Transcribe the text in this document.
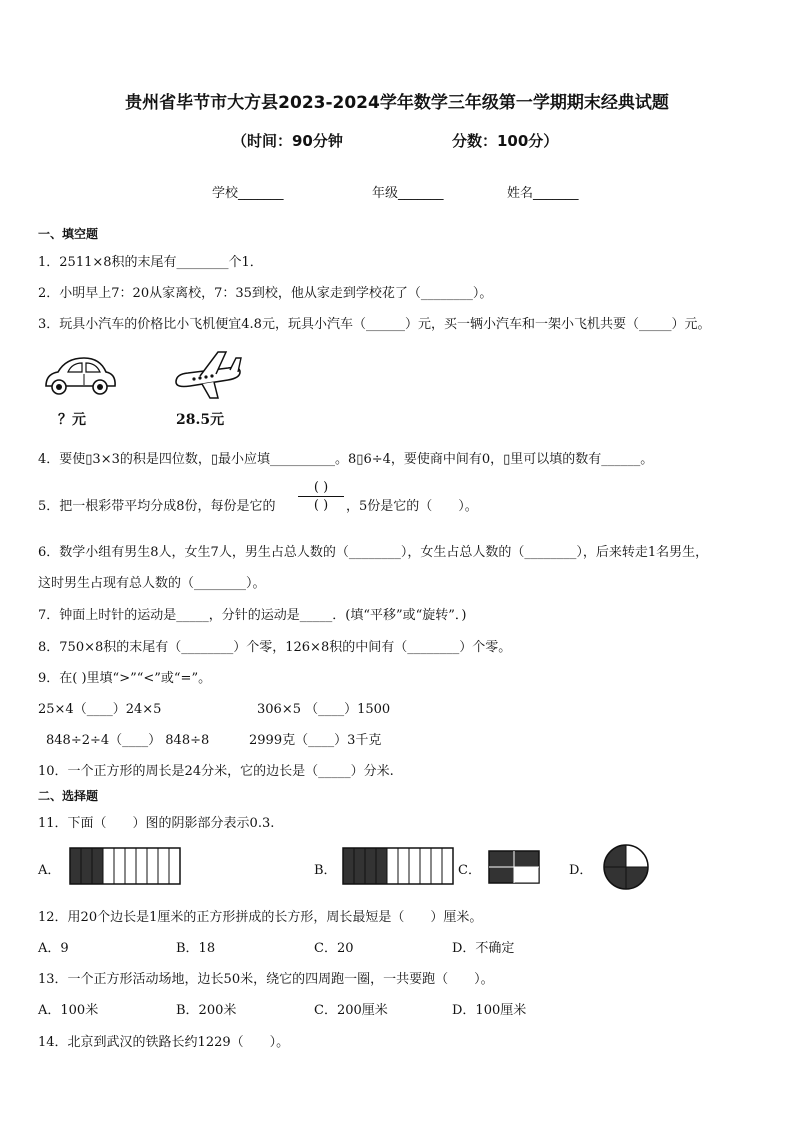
贵州省毕节市大方县2023-2024学年数学三年级第一学期期末经典试题
（时间：90分钟	分数：100分）
学校_______	年级_______	姓名_______
一、填空题
1．2511×8积的末尾有________个1．
2．小明早上7：20从家离校，7：35到校，他从家走到学校花了（________）。
3．玩具小汽车的价格比小飞机便宜4.8元，玩具小汽车（______）元，买一辆小汽车和一架小飞机共要（_____）元。
？元	28.5元
4．要使▯3×3的积是四位数，▯最小应填__________。8▯6÷4，要使商中间有0，▯里可以填的数有______。
5．把一根彩带平均分成8份，每份是它的
( )
( )	，5份是它的（　　）。
6．数学小组有男生8人，女生7人，男生占总人数的（________），女生占总人数的（________），后来转走1名男生，
这时男生占现有总人数的（________）。
7．钟面上时针的运动是_____，分针的运动是_____．(填“平移”或“旋转”．)
8．750×8积的末尾有（________）个零，126×8积的中间有（________）个零。
9．在( )里填“>”“<”或“=”。
25×4（____）24×5	306×5 （____）1500
848÷2÷4（____） 848÷8	2999克（____）3千克
10．一个正方形的周长是24分米，它的边长是（_____）分米.
二、选择题
11．下面（　　）图的阴影部分表示0.3.
A．	B．	C．	D．
12．用20个边长是1厘米的正方形拼成的长方形，周长最短是（　　）厘米。
A．9	B．18	C．20	D．不确定
13．一个正方形活动场地，边长50米，绕它的四周跑一圈，一共要跑（　　）。
A．100米	B．200米	C．200厘米	D．100厘米
14．北京到武汉的铁路长约1229（　　）。
